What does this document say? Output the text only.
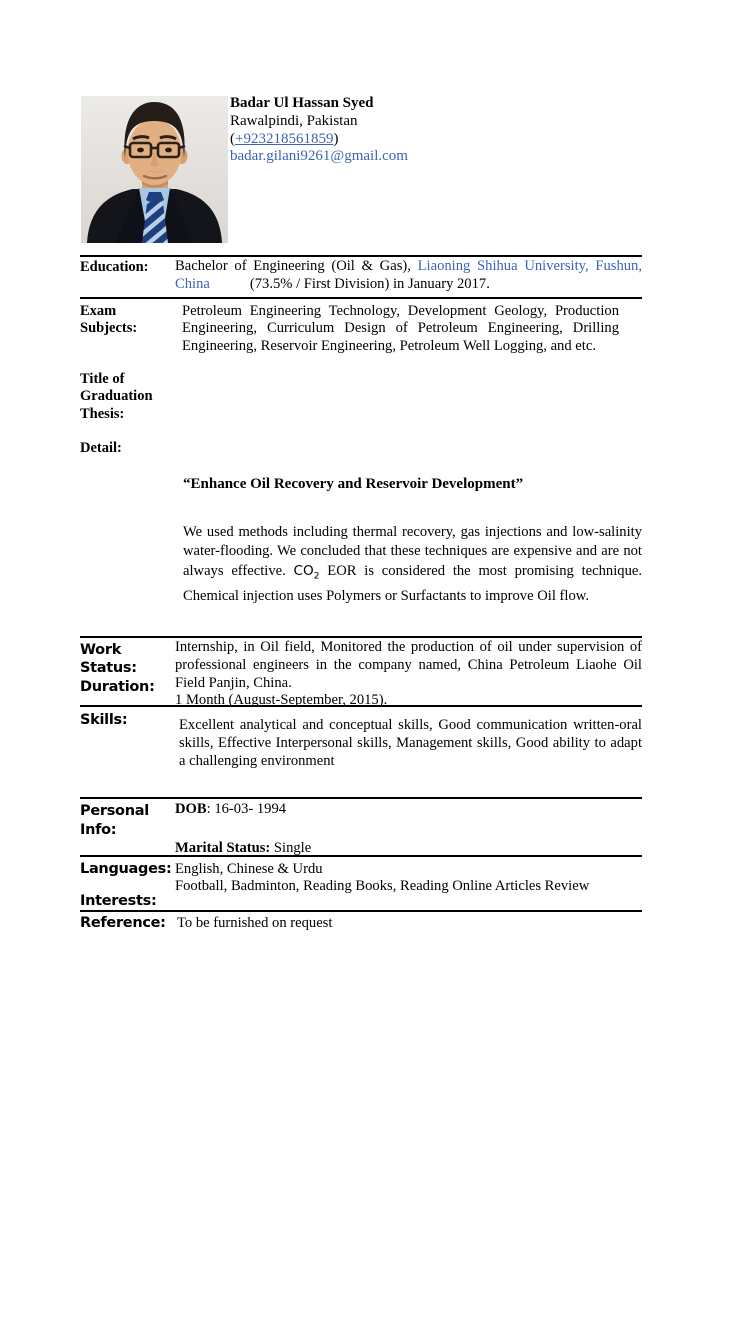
Badar Ul Hassan Syed
Rawalpindi, Pakistan
(+923218561859)
badar.gilani9261@gmail.com
Education: Bachelor of Engineering (Oil & Gas), Liaoning Shihua University, Fushun, China	(73.5% / First Division) in January 2017.
Exam
Subjects:
Petroleum Engineering Technology, Development Geology, Production Engineering, Curriculum Design of Petroleum Engineering, Drilling Engineering, Reservoir Engineering, Petroleum Well Logging, and etc.
Title of
Graduation
Thesis:
Detail:
“Enhance Oil Recovery and Reservoir Development”
We used methods including thermal recovery, gas injections and low-salinity water-flooding. We concluded that these techniques are expensive and are not always effective. $CO_2$ EOR is considered the most promising technique. Chemical injection uses Polymers or Surfactants to improve Oil flow.
Work
Status:
Duration:
Internship, in Oil field, Monitored the production of oil under supervision of professional engineers in the company named, China Petroleum Liaohe Oil Field Panjin, China.
1 Month (August-September, 2015).
Skills:	Excellent analytical and conceptual skills, Good communication written-oral skills, Effective Interpersonal skills, Management skills, Good ability to adapt a challenging environment
Personal
Info:
DOB: 16-03- 1994
Marital Status: Single
Languages: English, Chinese & Urdu
Football, Badminton, Reading Books, Reading Online Articles Review
Interests:
Reference: To be furnished on request
